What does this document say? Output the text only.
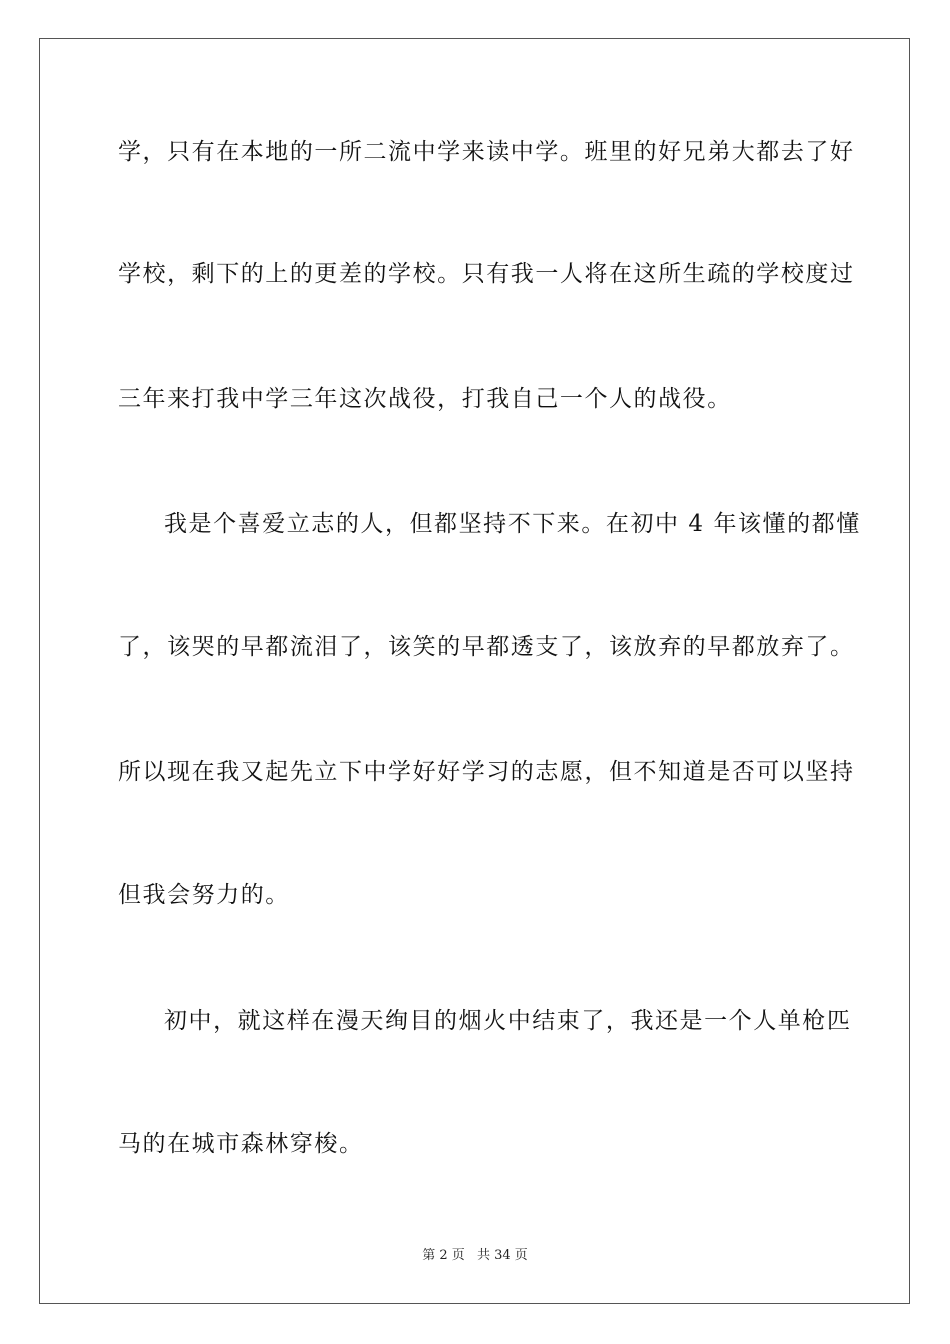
学，只有在本地的一所二流中学来读中学。班里的好兄弟大都去了好
学校，剩下的上的更差的学校。只有我一人将在这所生疏的学校度过
三年来打我中学三年这次战役，打我自己一个人的战役。
我是个喜爱立志的人，但都坚持不下来。在初中 4 年该懂的都懂
了，该哭的早都流泪了，该笑的早都透支了，该放弃的早都放弃了。
所以现在我又起先立下中学好好学习的志愿，但不知道是否可以坚持
但我会努力的。
初中，就这样在漫天绚目的烟火中结束了，我还是一个人单枪匹
马的在城市森林穿梭。
第 2 页 共 34 页
